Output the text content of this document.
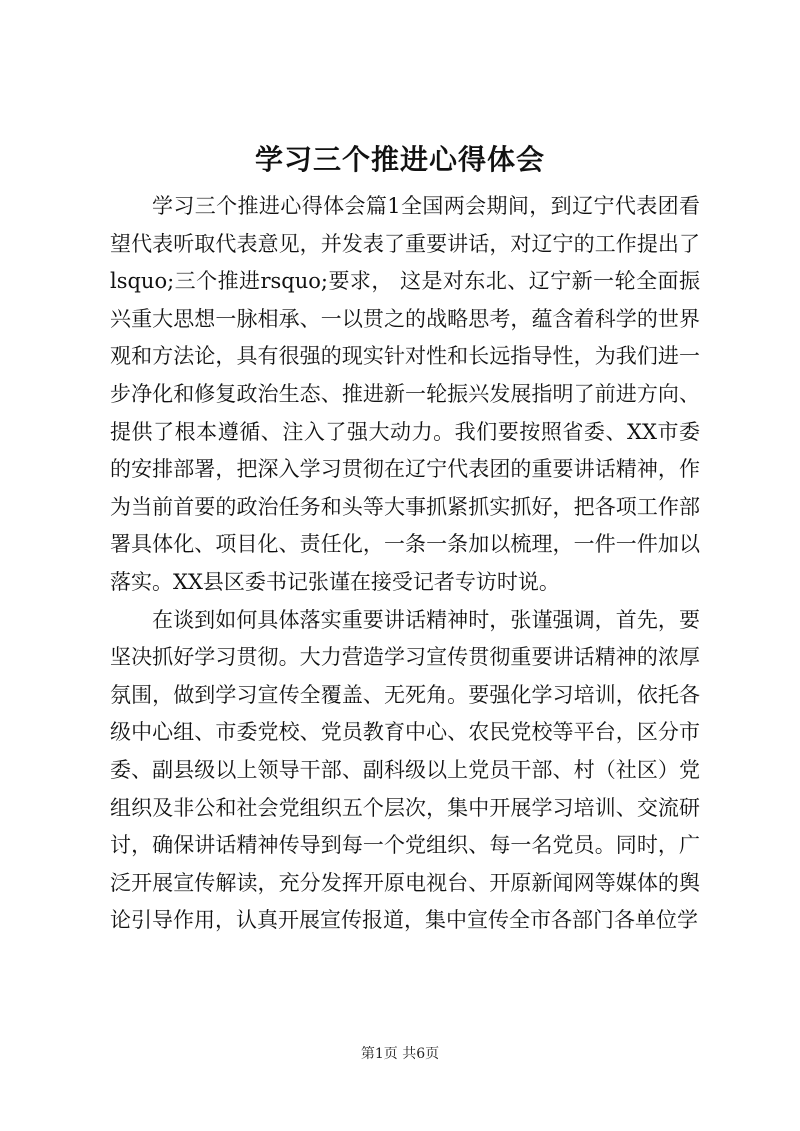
学习三个推进心得体会

学习三个推进心得体会篇1全国两会期间，到辽宁代表团看望代表听取代表意见，并发表了重要讲话，对辽宁的工作提出了lsquo;三个推进rsquo;要求， 这是对东北、辽宁新一轮全面振兴重大思想一脉相承、一以贯之的战略思考，蕴含着科学的世界观和方法论，具有很强的现实针对性和长远指导性，为我们进一步净化和修复政治生态、推进新一轮振兴发展指明了前进方向、提供了根本遵循、注入了强大动力。我们要按照省委、XX市委的安排部署，把深入学习贯彻在辽宁代表团的重要讲话精神，作为当前首要的政治任务和头等大事抓紧抓实抓好，把各项工作部署具体化、项目化、责任化，一条一条加以梳理，一件一件加以落实。XX县区委书记张谨在接受记者专访时说。

在谈到如何具体落实重要讲话精神时，张谨强调，首先，要坚决抓好学习贯彻。大力营造学习宣传贯彻重要讲话精神的浓厚氛围，做到学习宣传全覆盖、无死角。要强化学习培训，依托各级中心组、市委党校、党员教育中心、农民党校等平台，区分市委、副县级以上领导干部、副科级以上党员干部、村（社区）党组织及非公和社会党组织五个层次，集中开展学习培训、交流研讨，确保讲话精神传导到每一个党组织、每一名党员。同时，广泛开展宣传解读，充分发挥开原电视台、开原新闻网等媒体的舆论引导作用，认真开展宣传报道，集中宣传全市各部门各单位学

第1页 共6页
